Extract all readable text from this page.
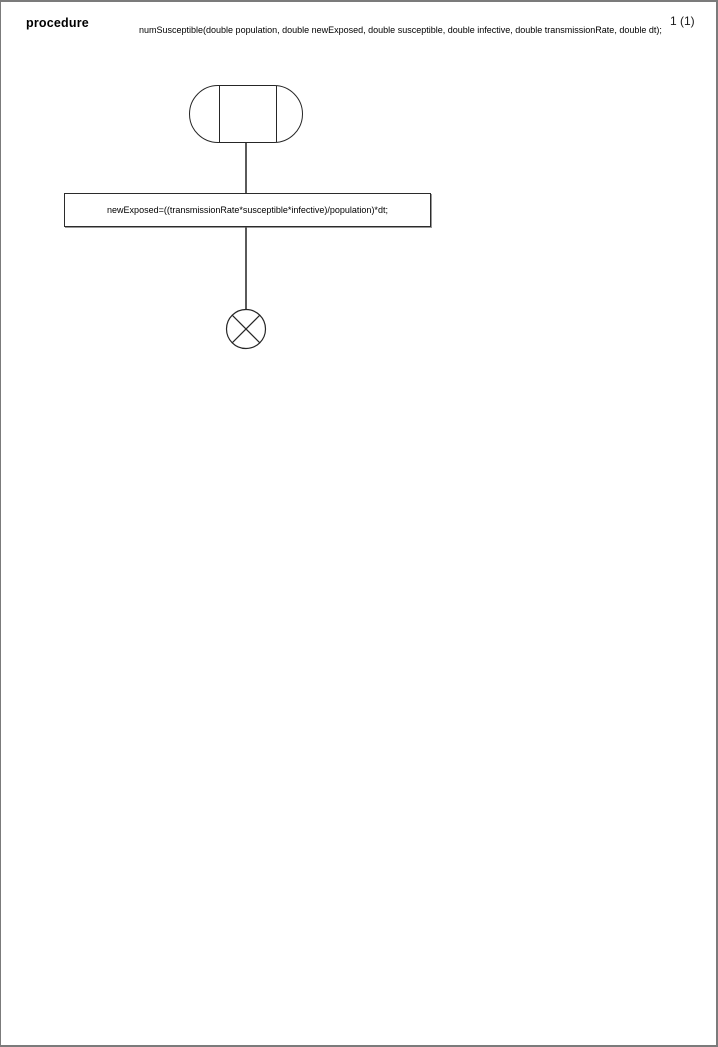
procedure	numSusceptible(double population, double newExposed, double susceptible, double infective, double transmissionRate, double dt);
1 (1)
newExposed=((transmissionRate*susceptible*infective)/population)*dt;
